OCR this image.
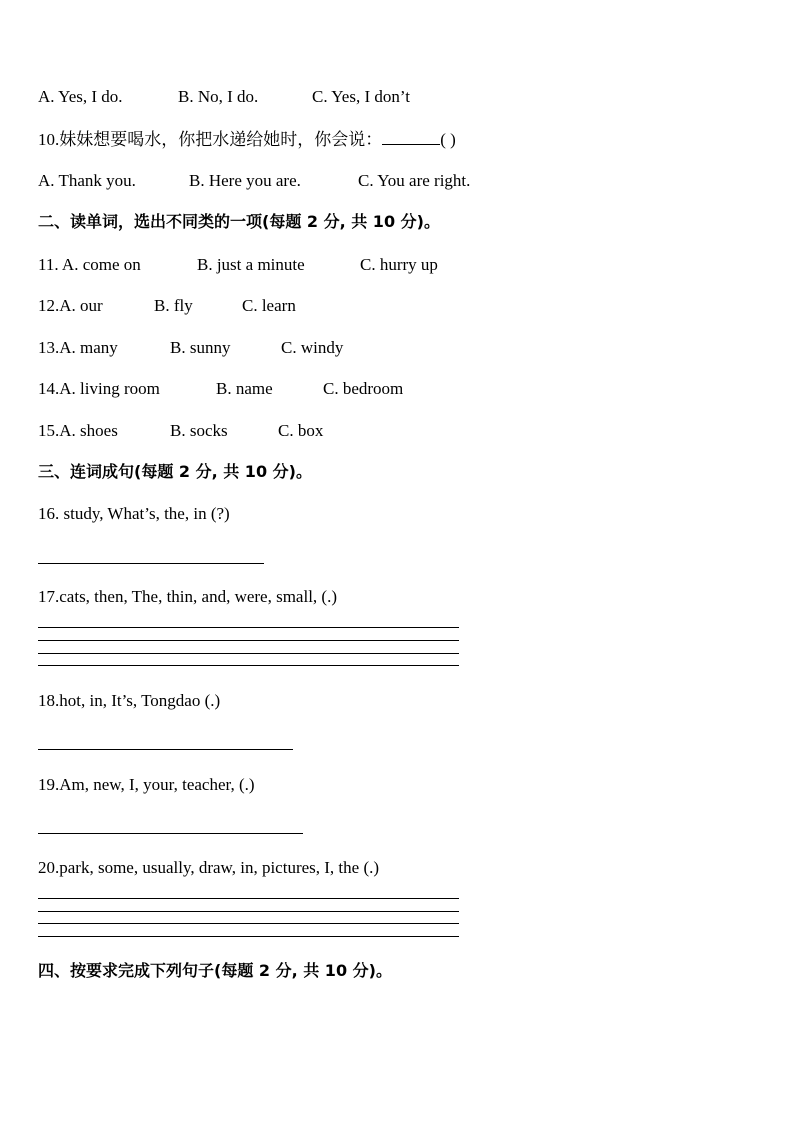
A. Yes, I do.	B. No, I do.	C. Yes, I don’t
10.妹妹想要喝水，你把水递给她时，你会说：	( )
A. Thank you.	B. Here you are.	C. You are right.
二、读单词，选出不同类的一项(每题 2 分, 共 10 分)。
11. A. come on	B. just a minute	C. hurry up
12.A. our	B. fly	C. learn
13.A. many	B. sunny	C. windy
14.A. living room	B. name	C. bedroom
15.A. shoes	B. socks	C. box
三、连词成句(每题 2 分, 共 10 分)。
16. study, What’s, the, in (?)
17.cats, then, The, thin, and, were, small, (.)
18.hot, in, It’s, Tongdao (.)
19.Am, new, I, your, teacher, (.)
20.park, some, usually, draw, in, pictures, I, the (.)
四、按要求完成下列句子(每题 2 分, 共 10 分)。
